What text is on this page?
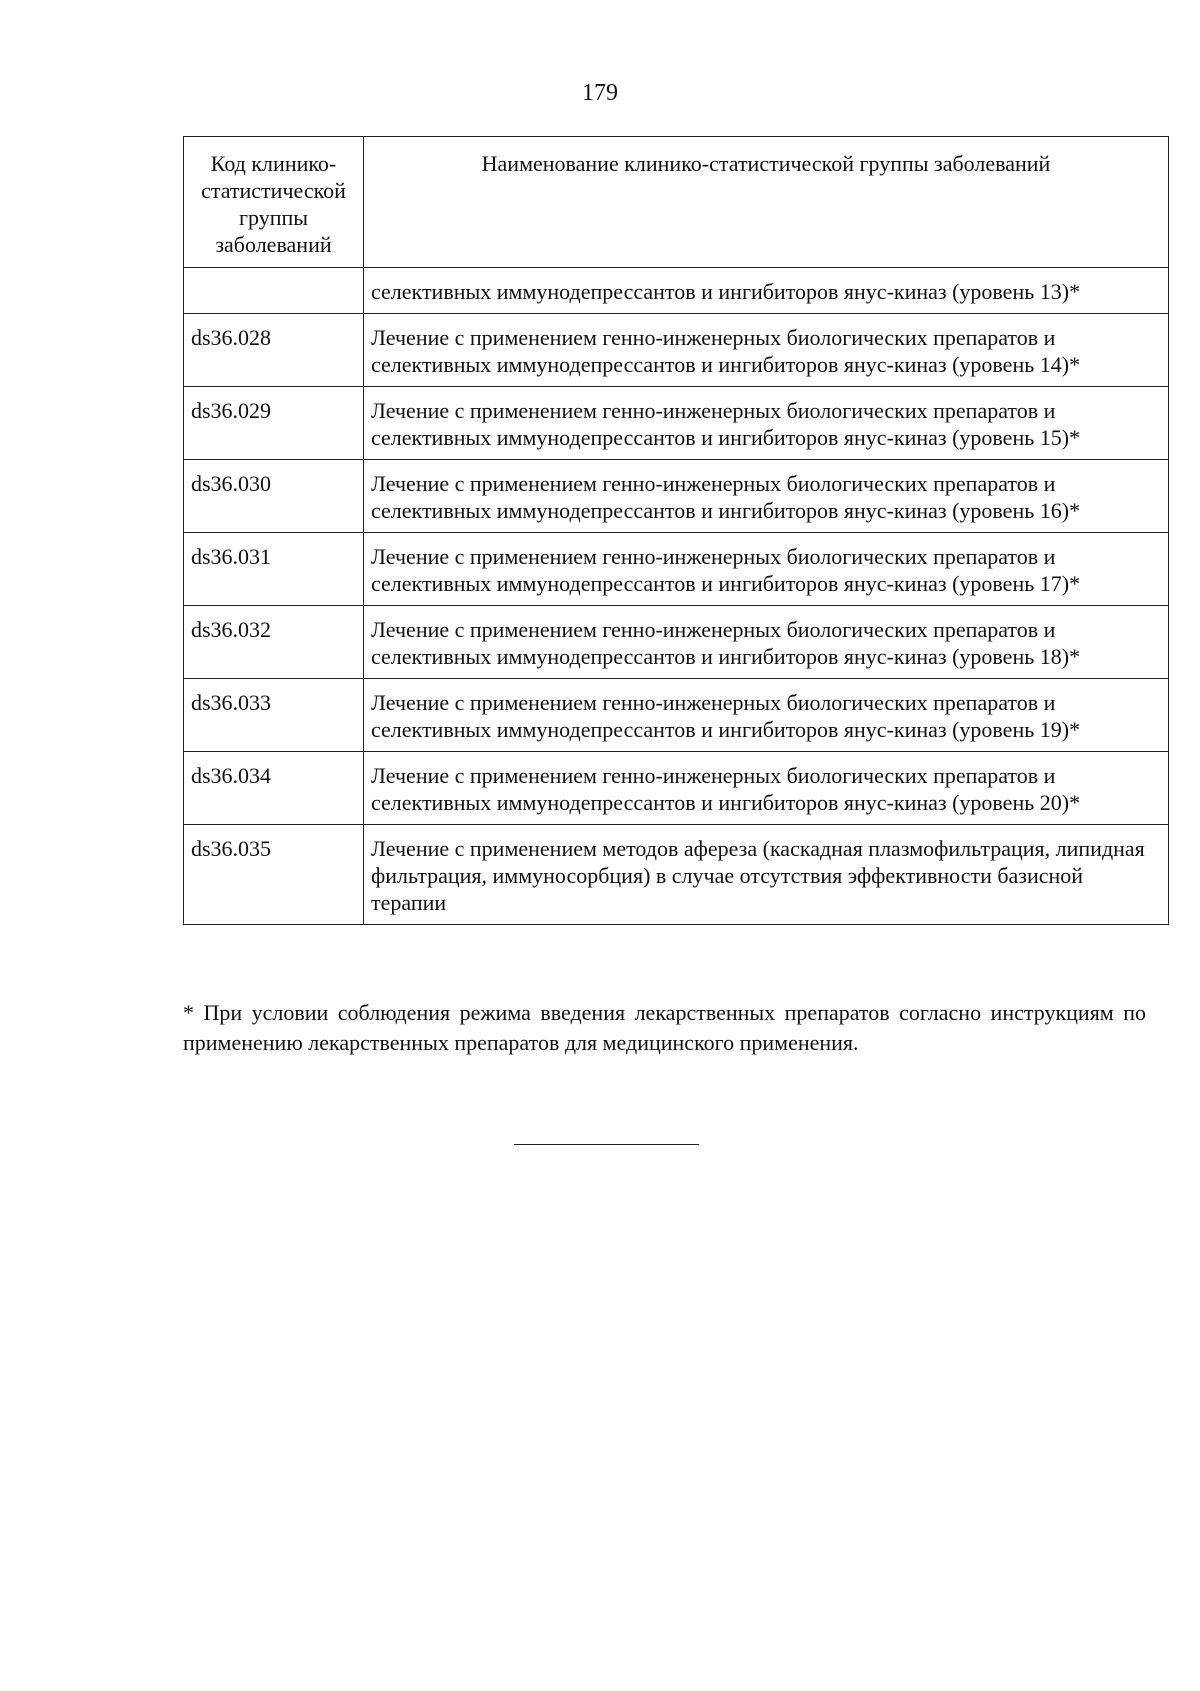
179
Код клинико-статистической группы заболеваний	Наименование клинико-статистической группы заболеваний
	селективных иммунодепрессантов и ингибиторов янус-киназ (уровень 13)*
ds36.028	Лечение с применением генно-инженерных биологических препаратов и селективных иммунодепрессантов и ингибиторов янус-киназ (уровень 14)*
ds36.029	Лечение с применением генно-инженерных биологических препаратов и селективных иммунодепрессантов и ингибиторов янус-киназ (уровень 15)*
ds36.030	Лечение с применением генно-инженерных биологических препаратов и селективных иммунодепрессантов и ингибиторов янус-киназ (уровень 16)*
ds36.031	Лечение с применением генно-инженерных биологических препаратов и селективных иммунодепрессантов и ингибиторов янус-киназ (уровень 17)*
ds36.032	Лечение с применением генно-инженерных биологических препаратов и селективных иммунодепрессантов и ингибиторов янус-киназ (уровень 18)*
ds36.033	Лечение с применением генно-инженерных биологических препаратов и селективных иммунодепрессантов и ингибиторов янус-киназ (уровень 19)*
ds36.034	Лечение с применением генно-инженерных биологических препаратов и селективных иммунодепрессантов и ингибиторов янус-киназ (уровень 20)*
ds36.035	Лечение с применением методов афереза (каскадная плазмофильтрация, липидная фильтрация, иммуносорбция) в случае отсутствия эффективности базисной терапии
* При условии соблюдения режима введения лекарственных препаратов согласно инструкциям по применению лекарственных препаратов для медицинского применения.
